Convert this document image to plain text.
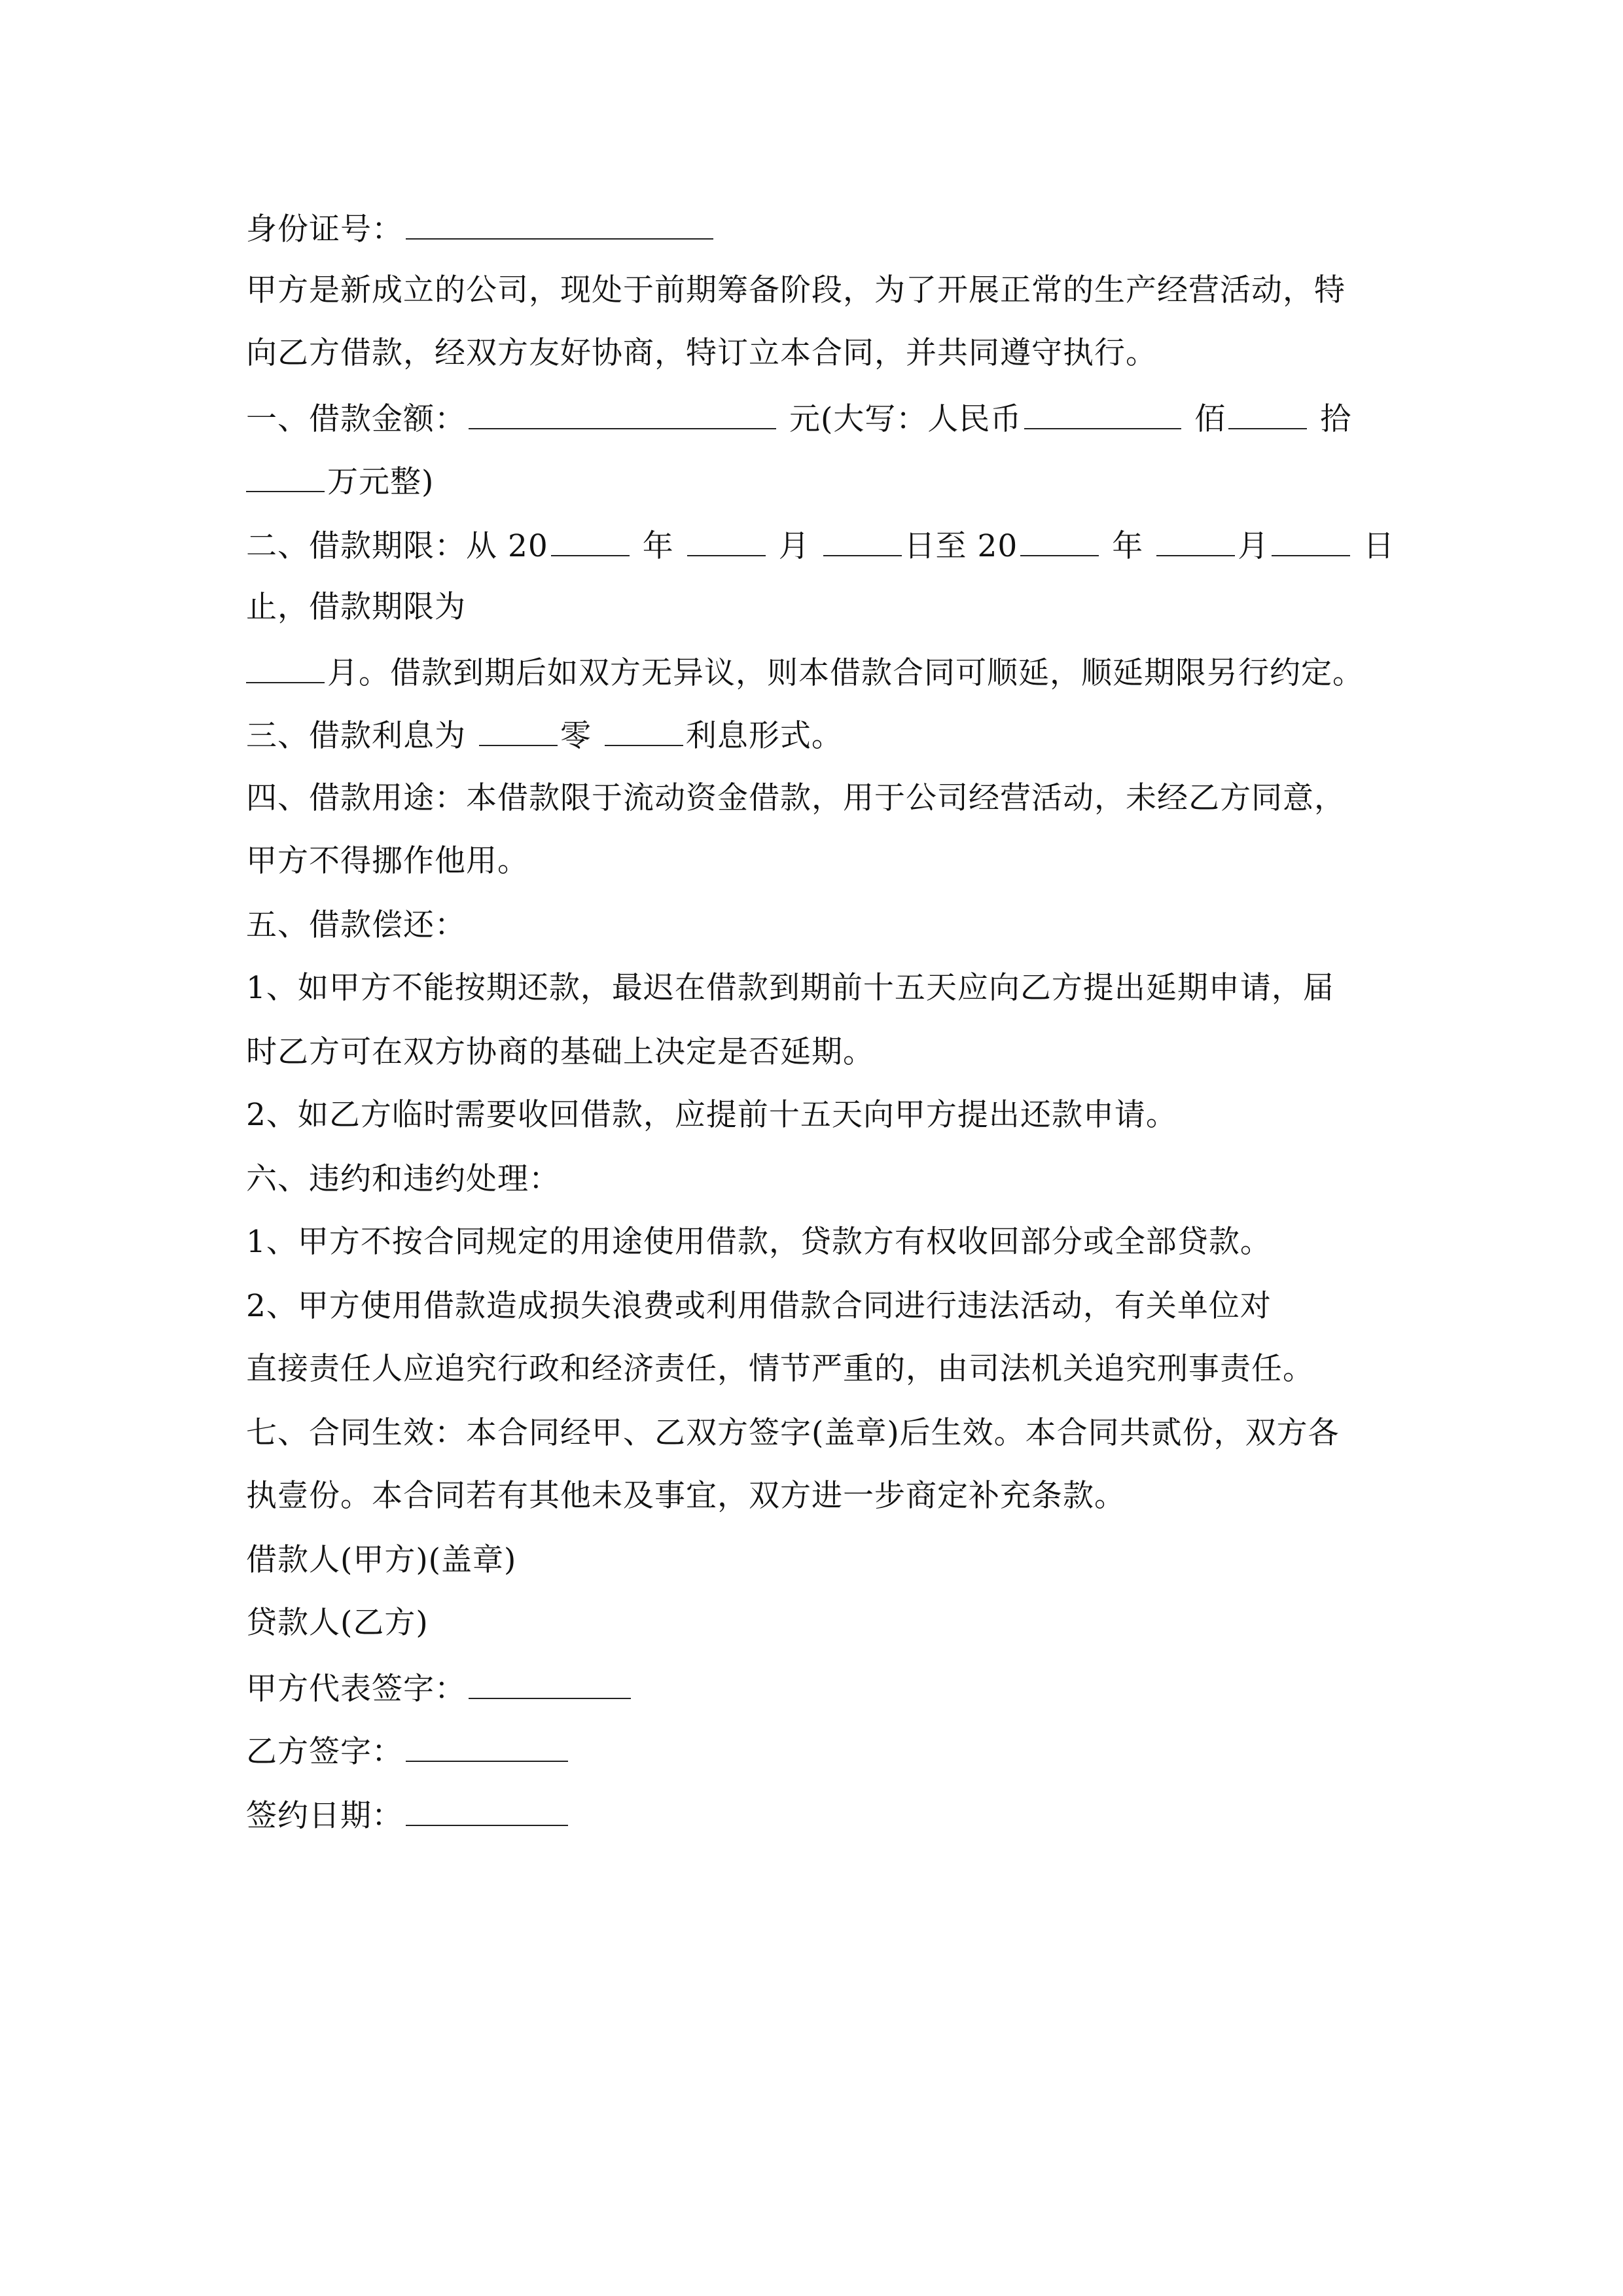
身份证号：
甲方是新成立的公司，现处于前期筹备阶段，为了开展正常的生产经营活动，特
向乙方借款，经双方友好协商，特订立本合同，并共同遵守执行。
一、借款金额：	元(大写：人民币	佰	拾
万元整)
二、借款期限：从 20	年	月	日至 20	年	月	日
止，借款期限为
月。借款到期后如双方无异议，则本借款合同可顺延，顺延期限另行约定。
三、借款利息为	零	利息形式。
四、借款用途：本借款限于流动资金借款，用于公司经营活动，未经乙方同意，
甲方不得挪作他用。
五、借款偿还：
1、如甲方不能按期还款，最迟在借款到期前十五天应向乙方提出延期申请，届
时乙方可在双方协商的基础上决定是否延期。
2、如乙方临时需要收回借款，应提前十五天向甲方提出还款申请。
六、违约和违约处理：
1、甲方不按合同规定的用途使用借款，贷款方有权收回部分或全部贷款。
2、甲方使用借款造成损失浪费或利用借款合同进行违法活动，有关单位对
直接责任人应追究行政和经济责任，情节严重的，由司法机关追究刑事责任。
七、合同生效：本合同经甲、乙双方签字(盖章)后生效。本合同共贰份，双方各
执壹份。本合同若有其他未及事宜，双方进一步商定补充条款。
借款人(甲方)(盖章)
贷款人(乙方)
甲方代表签字：
乙方签字：
签约日期：
